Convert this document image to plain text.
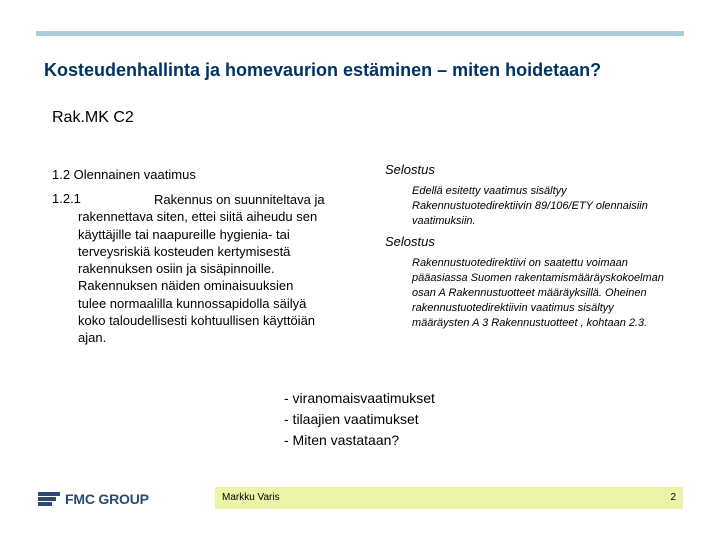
Kosteudenhallinta ja homevaurion estäminen – miten hoidetaan?
Rak.MK C2
1.2 Olennainen vaatimus
1.2.1	Rakennus on suunniteltava ja
rakennettava siten, ettei siitä aiheudu sen
käyttäjille tai naapureille hygienia- tai
terveysriskiä kosteuden kertymisestä
rakennuksen osiin ja sisäpinnoille.
Rakennuksen näiden ominaisuuksien
tulee normaalilla kunnossapidolla säilyä
koko taloudellisesti kohtuullisen käyttöiän
ajan.
Selostus
Edellä esitetty vaatimus sisältyy
Rakennustuotedirektiivin 89/106/ETY olennaisiin
vaatimuksiin.
Selostus
Rakennustuotedirektiivi on saatettu voimaan
pääasiassa Suomen rakentamismääräyskokoelman
osan A Rakennustuotteet määräyksillä. Oheinen
rakennustuotedirektiivin vaatimus sisältyy
määräysten A 3 Rakennustuotteet , kohtaan 2.3.
- viranomaisvaatimukset
- tilaajien vaatimukset
- Miten vastataan?
FMC GROUP	Markku Varis	2
